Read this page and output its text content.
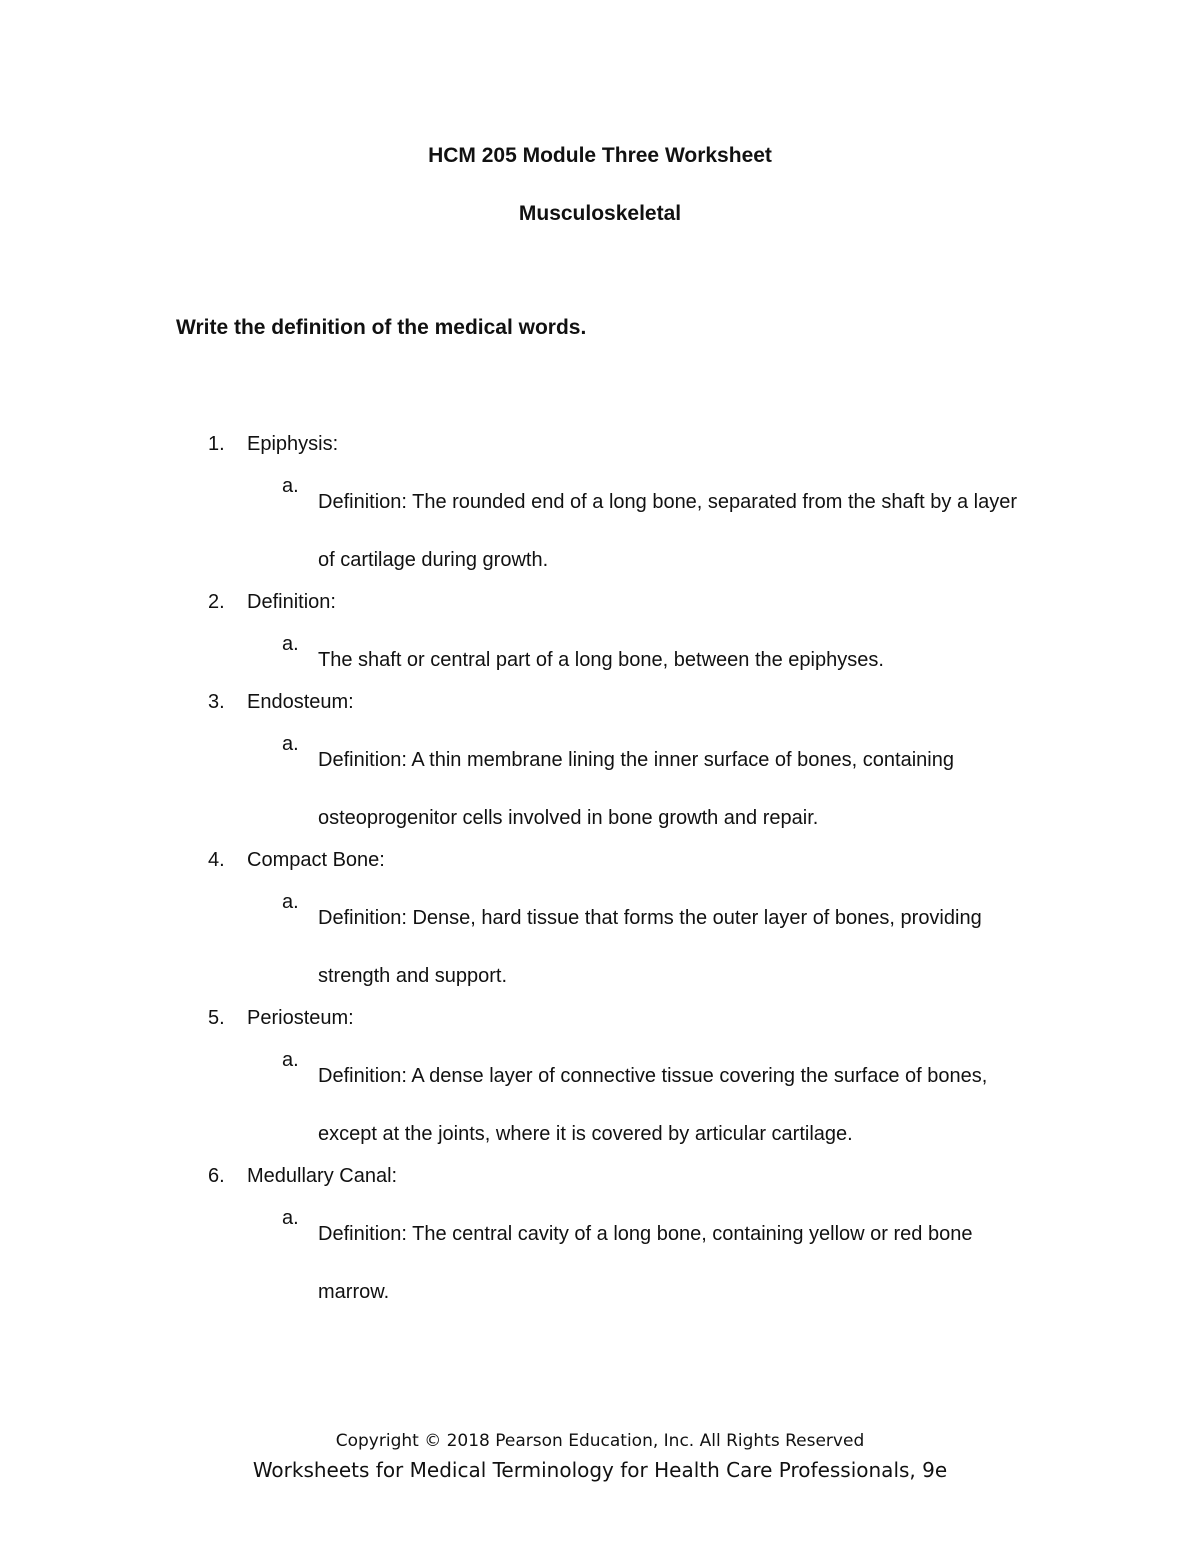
HCM 205 Module Three Worksheet
Musculoskeletal
Write the definition of the medical words.
1.	Epiphysis:
a.
Definition: The rounded end of a long bone, separated from the shaft by a layer of cartilage during growth.
2.	Definition:
a.
The shaft or central part of a long bone, between the epiphyses.
3.	Endosteum:
a.
Definition: A thin membrane lining the inner surface of bones, containing osteoprogenitor cells involved in bone growth and repair.
4.	Compact Bone:
a.
Definition: Dense, hard tissue that forms the outer layer of bones, providing strength and support.
5.	Periosteum:
a.
Definition: A dense layer of connective tissue covering the surface of bones, except at the joints, where it is covered by articular cartilage.
6.	Medullary Canal:
a.
Definition: The central cavity of a long bone, containing yellow or red bone marrow.
Copyright © 2018 Pearson Education, Inc. All Rights Reserved
Worksheets for Medical Terminology for Health Care Professionals, 9e
